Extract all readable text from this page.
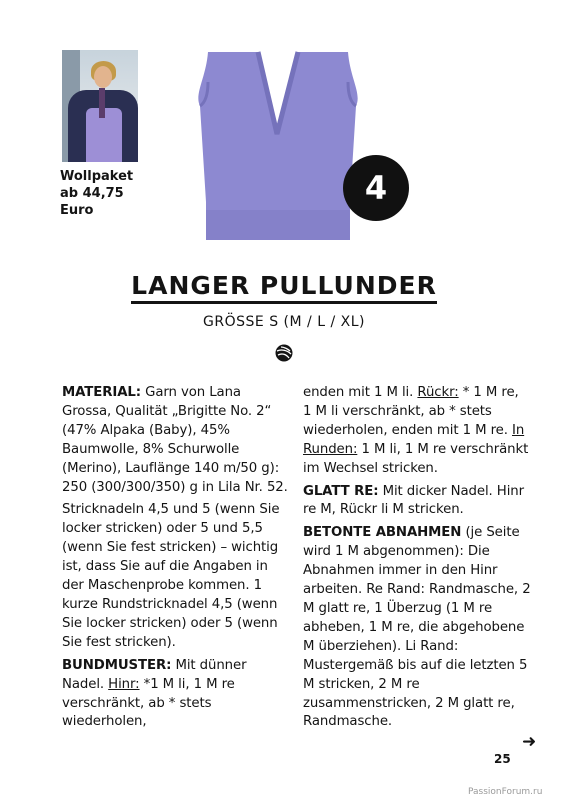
Wollpaket
ab 44,75
Euro
4
LANGER PULLUNDER
GRÖSSE S (M / L / XL)

MATERIAL: Garn von Lana Grossa, Qualität „Brigitte No. 2“ (47% Alpaka (Baby), 45% Baumwolle, 8% Schurwolle (Merino), Lauflänge 140 m/50 g): 250 (300/300/350) g in Lila Nr. 52.

Stricknadeln 4,5 und 5 (wenn Sie locker stricken) oder 5 und 5,5 (wenn Sie fest stricken) – wichtig ist, dass Sie auf die Angaben in der Maschenprobe kommen. 1 kurze Rundstricknadel 4,5 (wenn Sie locker stricken) oder 5 (wenn Sie fest stricken).

BUNDMUSTER: Mit dünner Nadel. Hinr: *1 M li, 1 M re verschränkt, ab * stets wiederholen,

enden mit 1 M li. Rückr: * 1 M re, 1 M li verschränkt, ab * stets wiederholen, enden mit 1 M re. In Runden: 1 M li, 1 M re verschränkt im Wechsel stricken.

GLATT RE: Mit dicker Nadel. Hinr re M, Rückr li M stricken.

BETONTE ABNAHMEN (je Seite wird 1 M abgenommen): Die Abnahmen immer in den Hinr arbeiten. Re Rand: Randmasche, 2 M glatt re, 1 Überzug (1 M re abheben, 1 M re, die abgehobene M überziehen). Li Rand: Mustergemäß bis auf die letzten 5 M stricken, 2 M re zusammenstricken, 2 M glatt re, Randmasche.

➜
25
PassionForum.ru
